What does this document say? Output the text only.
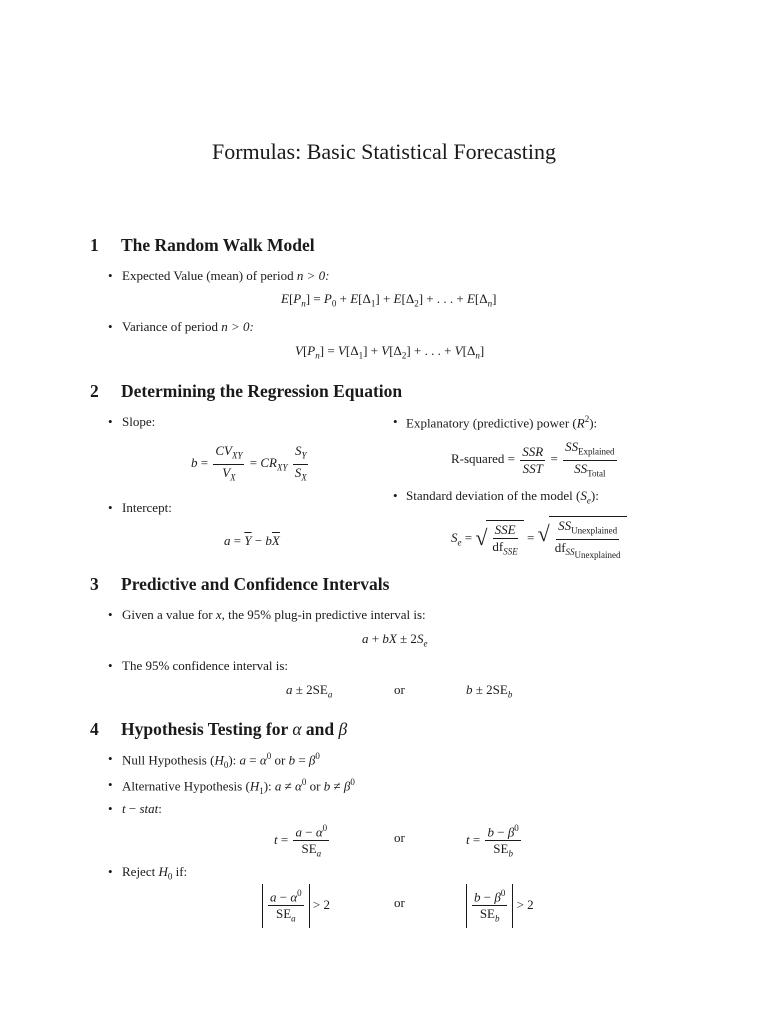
Formulas: Basic Statistical Forecasting
1 The Random Walk Model
• Expected Value (mean) of period n > 0:
$E[P_n] = P_0 + E[\Delta_1] + E[\Delta_2]$ + . . . + $E[\Delta_n]$
• Variance of period n > 0:
$V[P_n] = V[\Delta_1] + V[\Delta_2]$ + . . . + $V[\Delta_n]$
2 Determining the Regression Equation
• Slope:
$b = \frac{CV_{XY}}{V_X} = CR_{XY} \frac{S_Y}{S_X}$
• Intercept:
$a = \overline{Y} - b\overline{X}$
• Explanatory (predictive) power $(R^2)$:
R-squared = $\frac{\text{SSR}}{\text{SST}} = \frac{SS_{Explained}}{SS_{Total}}$
• Standard deviation of the model $(S_e)$:
$S_e$ = √ $\frac{\text{SSE}}{df_{SSE}}$ = √ $\frac{SS_{Unexplained}}{df_{SS_{Unexplained}}}$
3 Predictive and Confidence Intervals
• Given a value for x, the 95% plug-in predictive interval is:
a + bX ± $2S_e$
• The 95% confidence interval is:
$a \pm 2SE_a$	or	$b \pm 2SE_b$
4 Hypothesis Testing for α and β
• Null Hypothesis $(H_0)$: $a = \alpha^0$ or $b = \beta^0$
• Alternative Hypothesis $(H_1)$: $a \ne \alpha^0$ or $b \ne \beta^0$
• t − stat:
$t = \frac{a - \alpha^0}{SE_a}$	or	$t = \frac{b - \beta^0}{SE_b}$
• Reject $H_0$ if:
$\frac{a - \alpha^0}{SE_a} > 2$	or	$\frac{b - \beta^0}{SE_b} > 2$
